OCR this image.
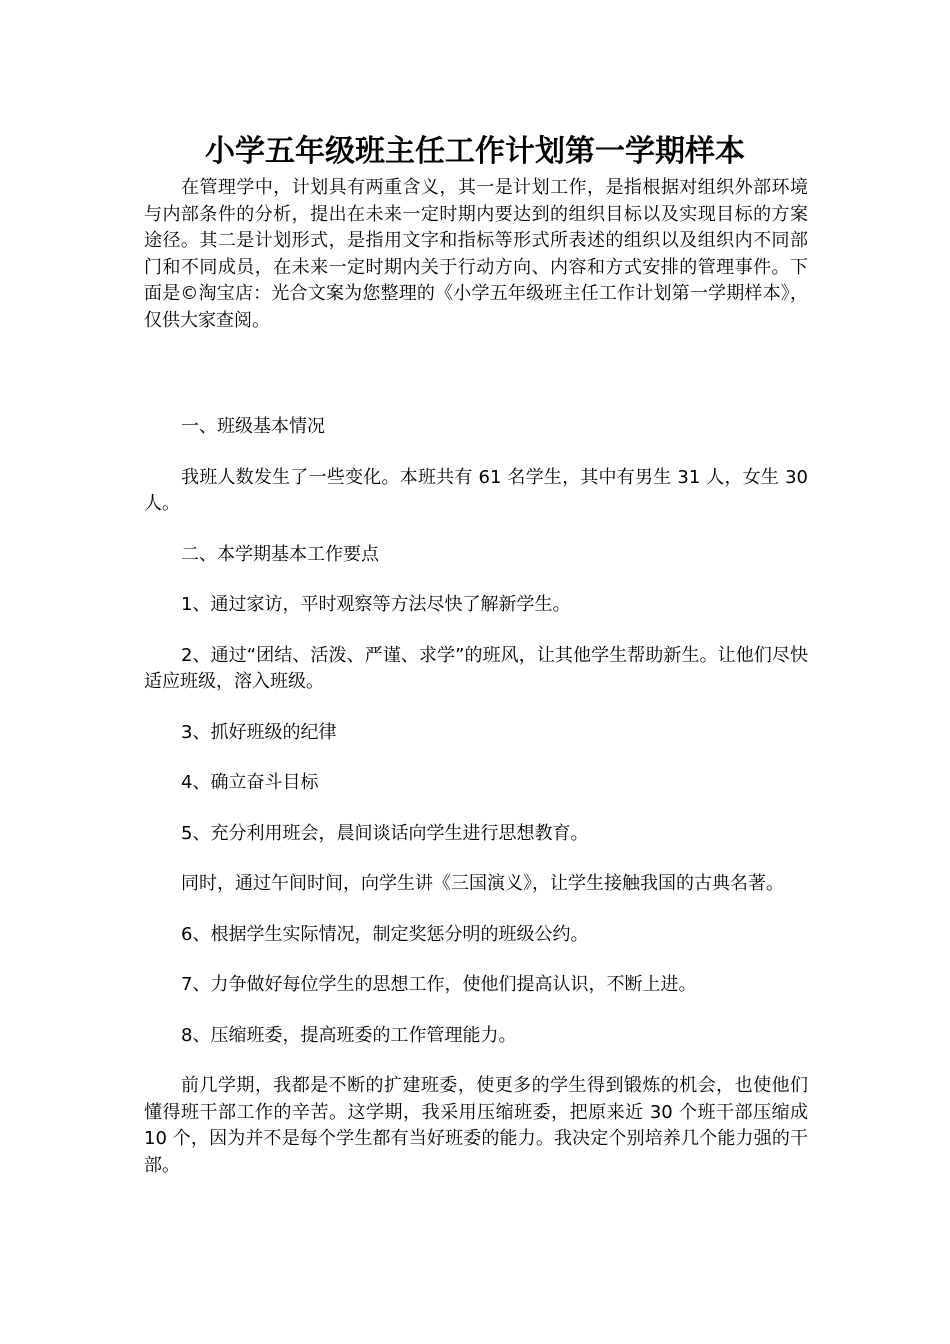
小学五年级班主任工作计划第一学期样本

在管理学中，计划具有两重含义，其一是计划工作，是指根据对组织外部环境与内部条件的分析，提出在未来一定时期内要达到的组织目标以及实现目标的方案途径。其二是计划形式，是指用文字和指标等形式所表述的组织以及组织内不同部门和不同成员，在未来一定时期内关于行动方向、内容和方式安排的管理事件。下面是©淘宝店：光合文案为您整理的《小学五年级班主任工作计划第一学期样本》，仅供大家查阅。

一、班级基本情况

我班人数发生了一些变化。本班共有 61 名学生，其中有男生 31 人，女生 30 人。

二、本学期基本工作要点

1、通过家访，平时观察等方法尽快了解新学生。

2、通过“团结、活泼、严谨、求学”的班风，让其他学生帮助新生。让他们尽快适应班级，溶入班级。

3、抓好班级的纪律

4、确立奋斗目标

5、充分利用班会，晨间谈话向学生进行思想教育。

同时，通过午间时间，向学生讲《三国演义》，让学生接触我国的古典名著。

6、根据学生实际情况，制定奖惩分明的班级公约。

7、力争做好每位学生的思想工作，使他们提高认识，不断上进。

8、压缩班委，提高班委的工作管理能力。

前几学期，我都是不断的扩建班委，使更多的学生得到锻炼的机会，也使他们懂得班干部工作的辛苦。这学期，我采用压缩班委，把原来近 30 个班干部压缩成 10 个，因为并不是每个学生都有当好班委的能力。我决定个别培养几个能力强的干部。
